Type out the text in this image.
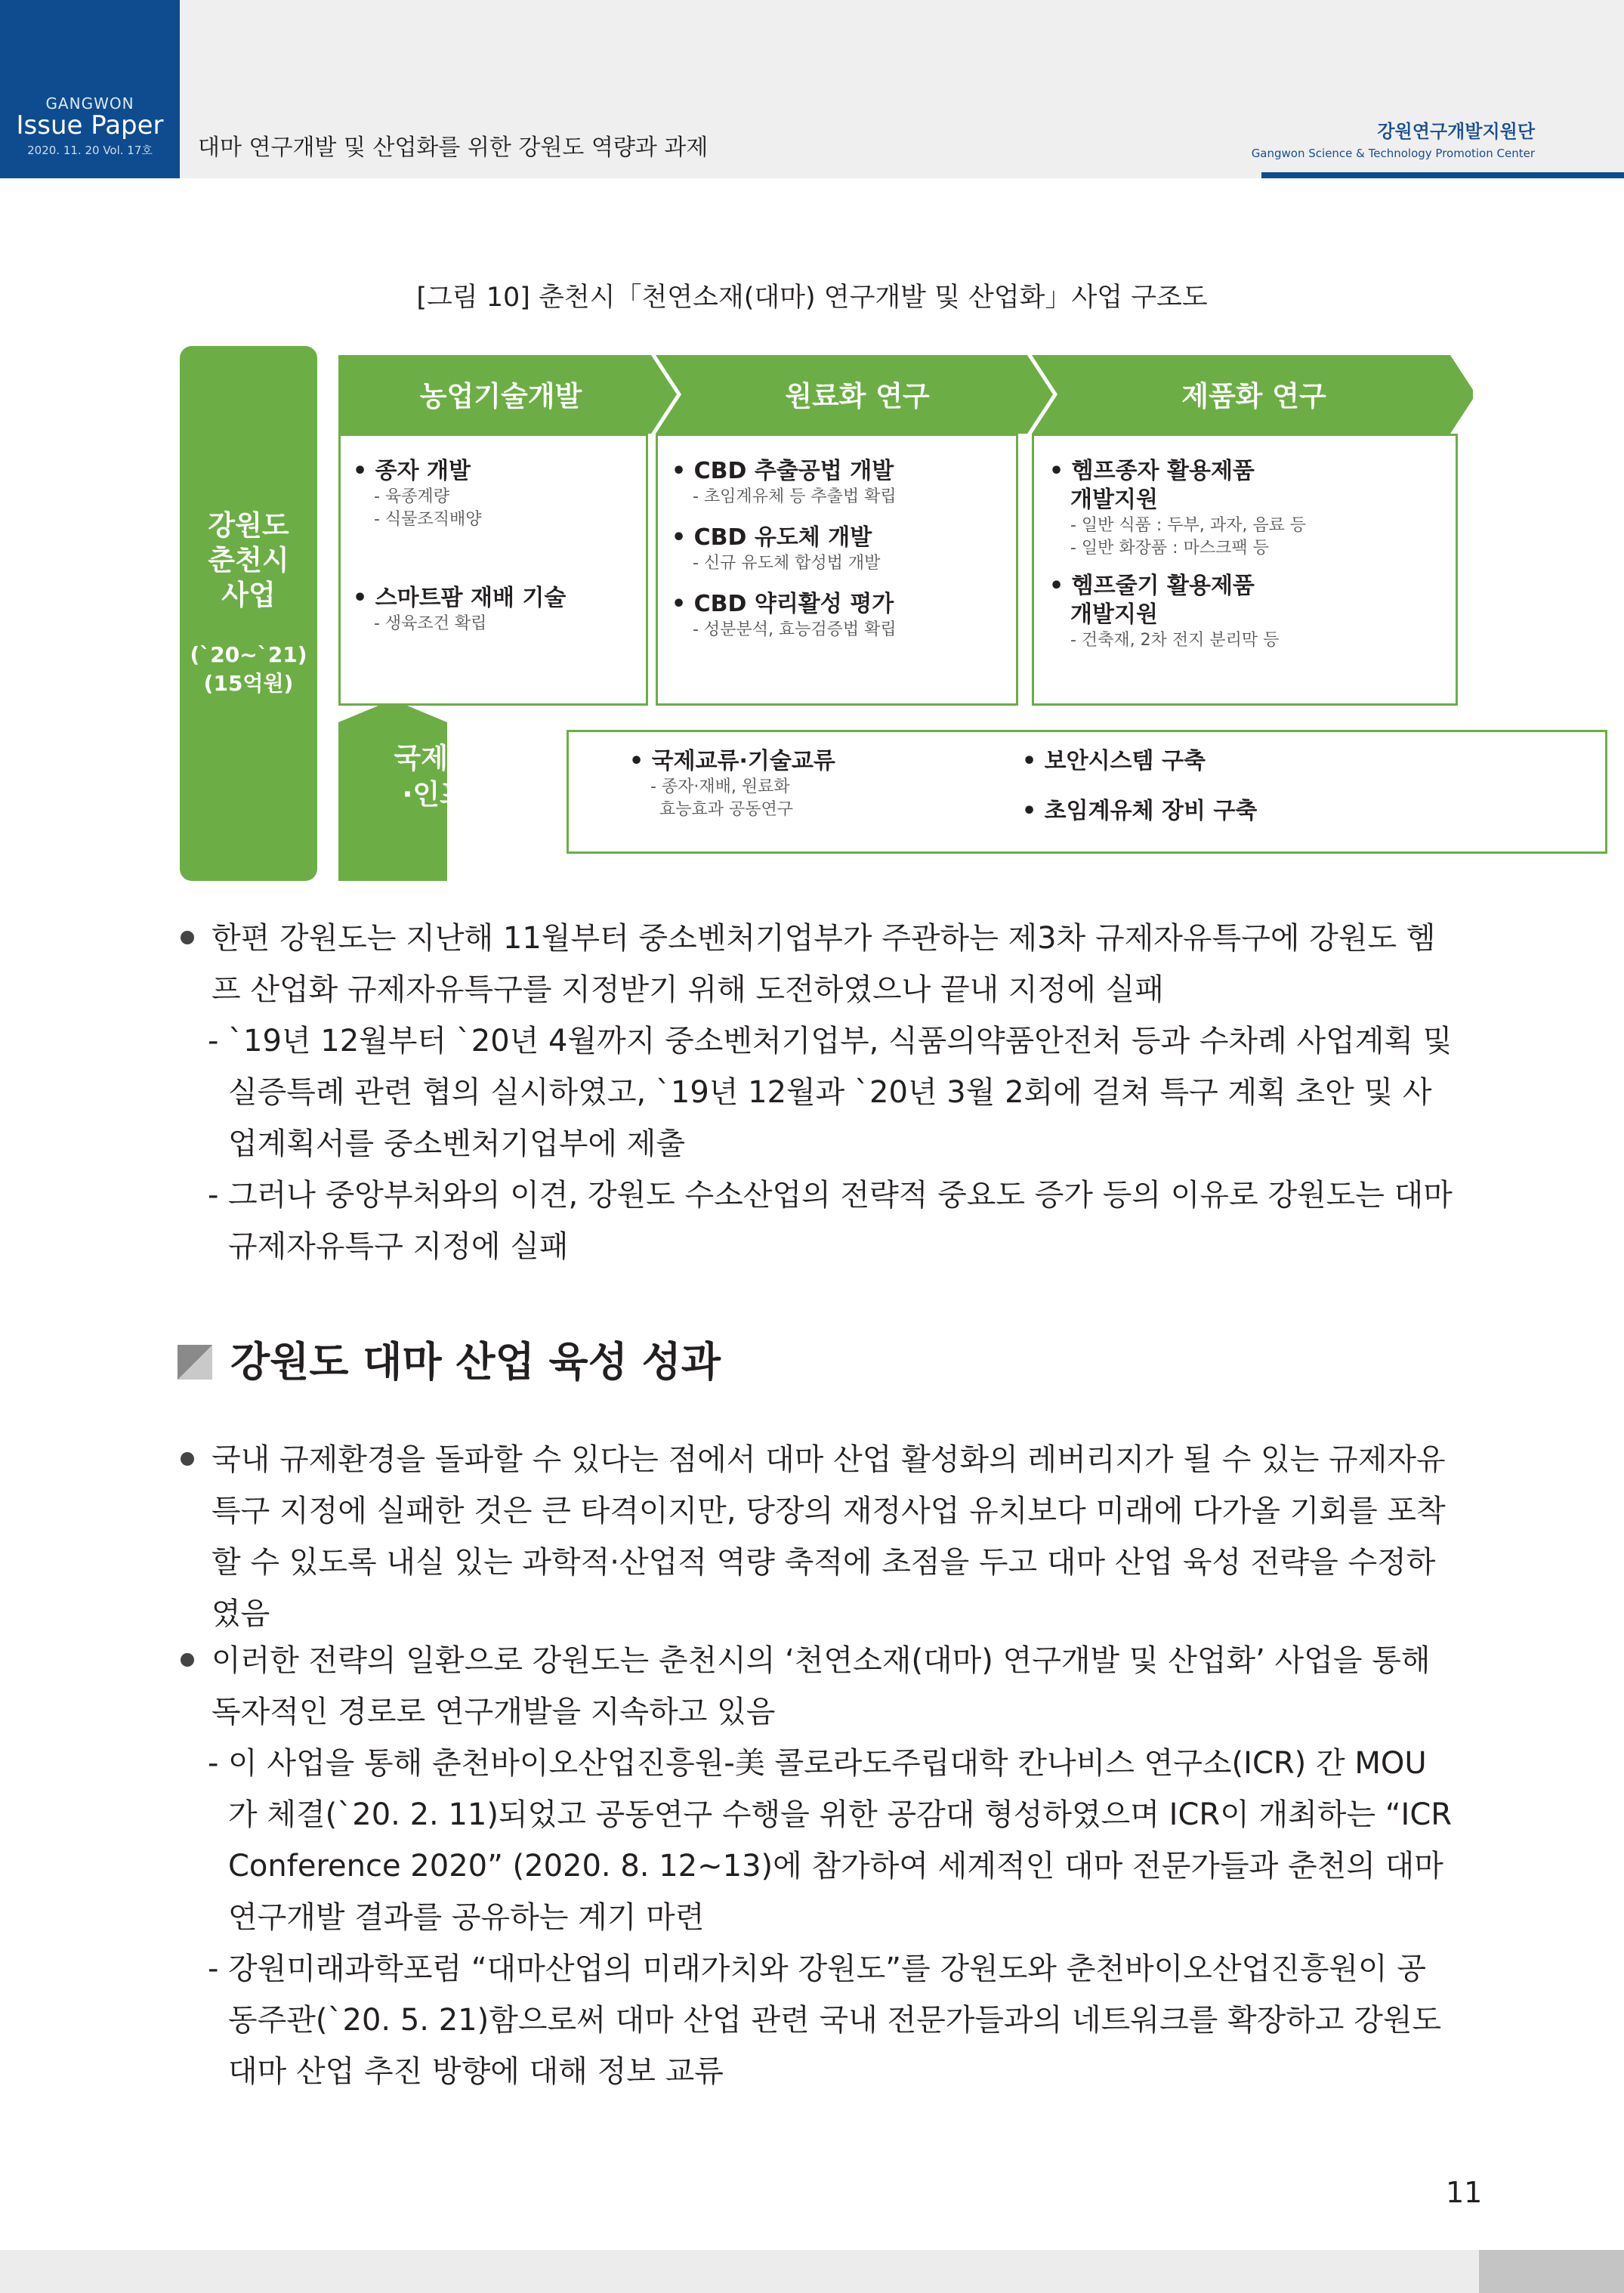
GANGWON
Issue Paper
2020. 11. 20 Vol. 17호	대마 연구개발 및 산업화를 위한 강원도 역량과 과제
강원연구개발지원단
Gangwon Science & Technology Promotion Center
[그림 10] 춘천시「천연소재(대마) 연구개발 및 산업화」사업 구조도
강원도
춘천시
사업
(`20~`21)
(15억원)
농업기술개발	원료화 연구	제품화 연구
• 종자 개발
- 육종계량
- 식물조직배양
• 스마트팜 재배 기술
- 생육조건 확립
• CBD 추출공법 개발
- 초임계유체 등 추출법 확립
• CBD 유도체 개발
- 신규 유도체 합성법 개발
• CBD 약리활성 평가
- 성분분석, 효능검증법 확립
• 헴프종자 활용제품
개발지원
- 일반 식품 : 두부, 과자, 음료 등
- 일반 화장품 : 마스크팩 등
• 헴프줄기 활용제품
개발지원
- 건축재, 2차 전지 분리막 등
국제협력
·인프라
• 국제교류·기술교류
- 종자·재배, 원료화
효능효과 공동연구
• 보안시스템 구축
• 초임계유체 장비 구축
한편 강원도는 지난해 11월부터 중소벤처기업부가 주관하는 제3차 규제자유특구에 강원도 헴프 산업화 규제자유특구를 지정받기 위해 도전하였으나 끝내 지정에 실패
- `19년 12월부터 `20년 4월까지 중소벤처기업부, 식품의약품안전처 등과 수차례 사업계획 및 실증특례 관련 협의 실시하였고, `19년 12월과 `20년 3월 2회에 걸쳐 특구 계획 초안 및 사업계획서를 중소벤처기업부에 제출
- 그러나 중앙부처와의 이견, 강원도 수소산업의 전략적 중요도 증가 등의 이유로 강원도는 대마 규제자유특구 지정에 실패
강원도 대마 산업 육성 성과
국내 규제환경을 돌파할 수 있다는 점에서 대마 산업 활성화의 레버리지가 될 수 있는 규제자유특구 지정에 실패한 것은 큰 타격이지만, 당장의 재정사업 유치보다 미래에 다가올 기회를 포착할 수 있도록 내실 있는 과학적·산업적 역량 축적에 초점을 두고 대마 산업 육성 전략을 수정하였음
이러한 전략의 일환으로 강원도는 춘천시의 ‘천연소재(대마) 연구개발 및 산업화’ 사업을 통해 독자적인 경로로 연구개발을 지속하고 있음
- 이 사업을 통해 춘천바이오산업진흥원-美 콜로라도주립대학 칸나비스 연구소(ICR) 간 MOU가 체결(`20. 2. 11)되었고 공동연구 수행을 위한 공감대 형성하였으며 ICR이 개최하는 “ICR Conference 2020” (2020. 8. 12~13)에 참가하여 세계적인 대마 전문가들과 춘천의 대마 연구개발 결과를 공유하는 계기 마련
- 강원미래과학포럼 “대마산업의 미래가치와 강원도”를 강원도와 춘천바이오산업진흥원이 공동주관(`20. 5. 21)함으로써 대마 산업 관련 국내 전문가들과의 네트워크를 확장하고 강원도 대마 산업 추진 방향에 대해 정보 교류
11
